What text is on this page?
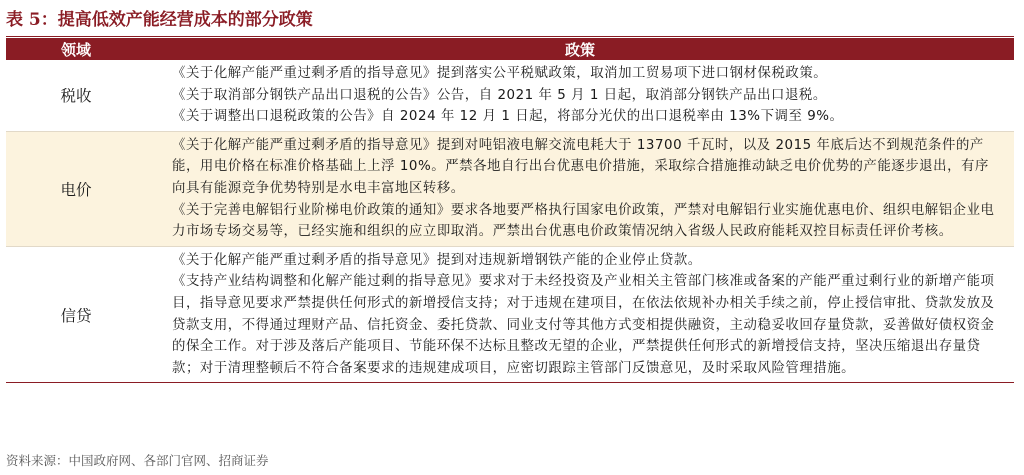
表 5：提高低效产能经营成本的部分政策
领域	政策
税收	《关于化解产能严重过剩矛盾的指导意见》提到落实公平税赋政策，取消加工贸易项下进口钢材保税政策。

《关于取消部分钢铁产品出口退税的公告》公告，自 2021 年 5 月 1 日起，取消部分钢铁产品出口退税。

《关于调整出口退税政策的公告》自 2024 年 12 月 1 日起，将部分光伏的出口退税率由 13%下调至 9%。

电价	《关于化解产能严重过剩矛盾的指导意见》提到对吨铝液电解交流电耗大于 13700 千瓦时，以及 2015 年底后达不到规范条件的产能，用电价格在标准价格基础上上浮 10%。严禁各地自行出台优惠电价措施，采取综合措施推动缺乏电价优势的产能逐步退出，有序向具有能源竞争优势特别是水电丰富地区转移。

《关于完善电解铝行业阶梯电价政策的通知》要求各地要严格执行国家电价政策，严禁对电解铝行业实施优惠电价、组织电解铝企业电力市场专场交易等，已经实施和组织的应立即取消。严禁出台优惠电价政策情况纳入省级人民政府能耗双控目标责任评价考核。

信贷	《关于化解产能严重过剩矛盾的指导意见》提到对违规新增钢铁产能的企业停止贷款。

《支持产业结构调整和化解产能过剩的指导意见》要求对于未经投资及产业相关主管部门核准或备案的产能严重过剩行业的新增产能项目，指导意见要求严禁提供任何形式的新增授信支持；对于违规在建项目，在依法依规补办相关手续之前，停止授信审批、贷款发放及贷款支用，不得通过理财产品、信托资金、委托贷款、同业支付等其他方式变相提供融资，主动稳妥收回存量贷款，妥善做好债权资金的保全工作。对于涉及落后产能项目、节能环保不达标且整改无望的企业，严禁提供任何形式的新增授信支持，坚决压缩退出存量贷款；对于清理整顿后不符合备案要求的违规建成项目，应密切跟踪主管部门反馈意见，及时采取风险管理措施。

资料来源：中国政府网、各部门官网、招商证券
